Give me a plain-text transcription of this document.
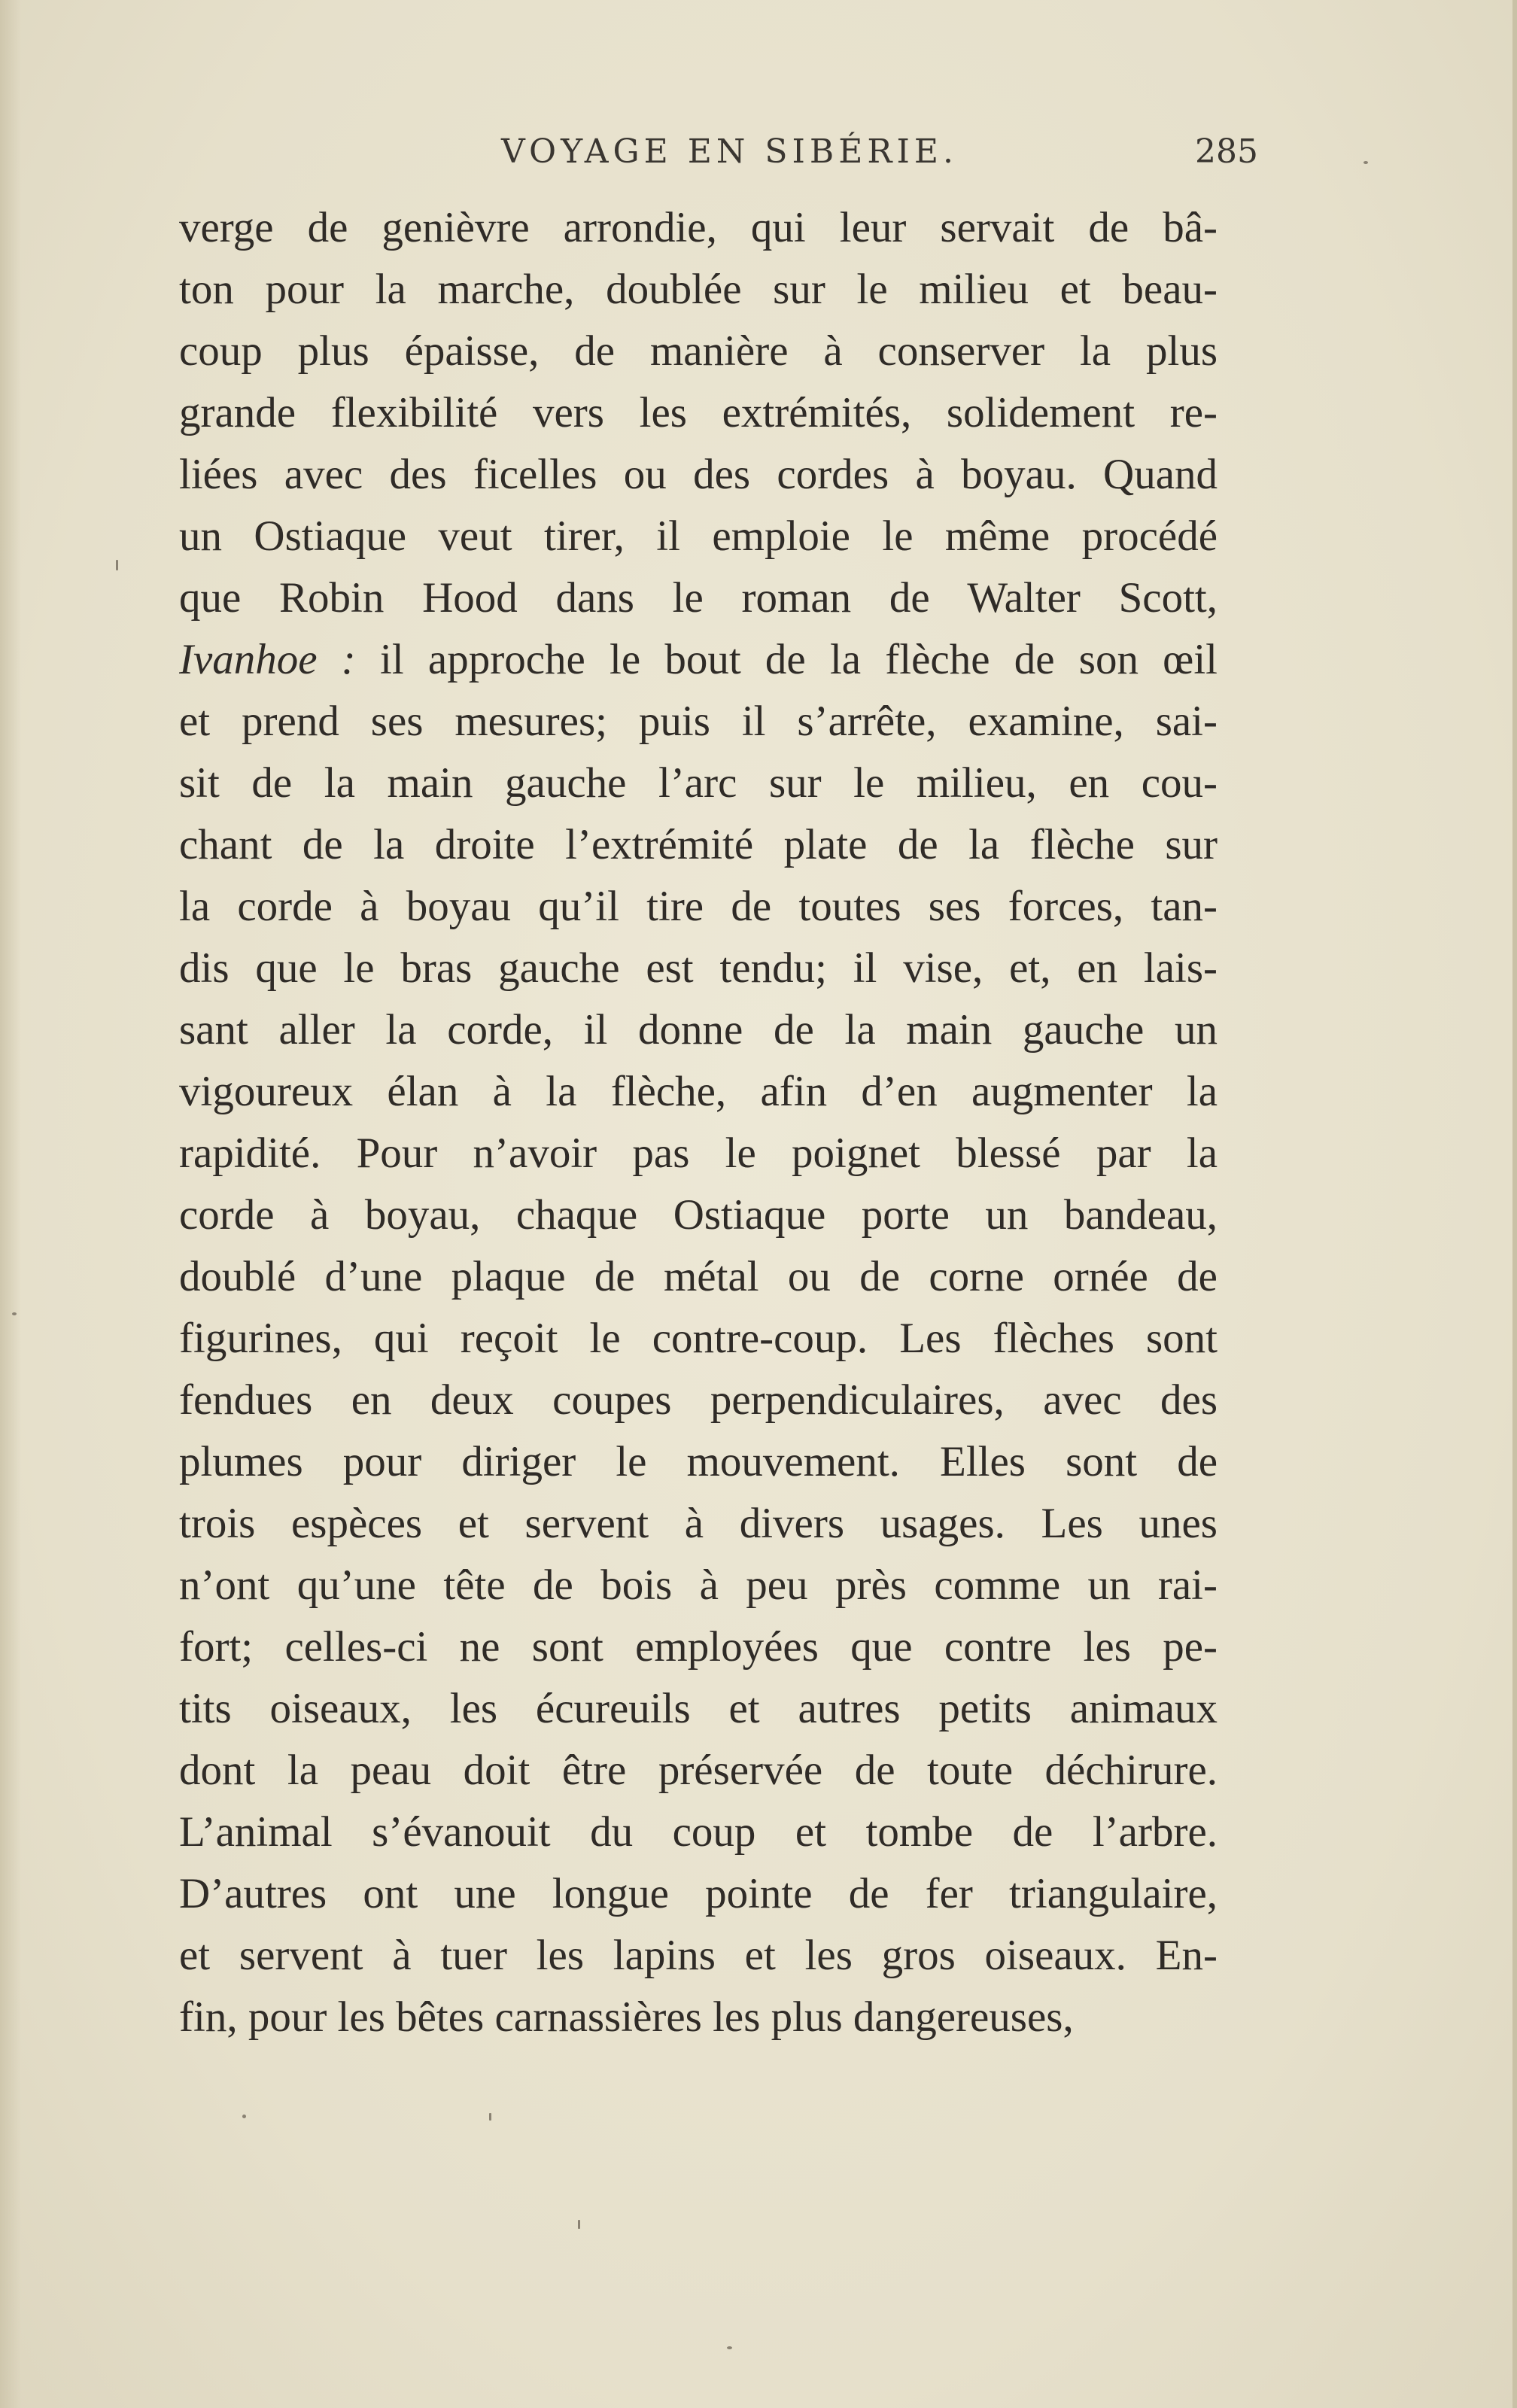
VOYAGE EN SIBÉRIE.	285
verge de genièvre arrondie, qui leur servait de bâ-
ton pour la marche, doublée sur le milieu et beau-
coup plus épaisse, de manière à conserver la plus
grande flexibilité vers les extrémités, solidement re-
liées avec des ficelles ou des cordes à boyau. Quand
un Ostiaque veut tirer, il emploie le même procédé
que Robin Hood dans le roman de Walter Scott,
Ivanhoe : il approche le bout de la flèche de son œil
et prend ses mesures; puis il s’arrête, examine, sai-
sit de la main gauche l’arc sur le milieu, en cou-
chant de la droite l’extrémité plate de la flèche sur
la corde à boyau qu’il tire de toutes ses forces, tan-
dis que le bras gauche est tendu; il vise, et, en lais-
sant aller la corde, il donne de la main gauche un
vigoureux élan à la flèche, afin d’en augmenter la
rapidité. Pour n’avoir pas le poignet blessé par la
corde à boyau, chaque Ostiaque porte un bandeau,
doublé d’une plaque de métal ou de corne ornée de
figurines, qui reçoit le contre-coup. Les flèches sont
fendues en deux coupes perpendiculaires, avec des
plumes pour diriger le mouvement. Elles sont de
trois espèces et servent à divers usages. Les unes
n’ont qu’une tête de bois à peu près comme un rai-
fort; celles-ci ne sont employées que contre les pe-
tits oiseaux, les écureuils et autres petits animaux
dont la peau doit être préservée de toute déchirure.
L’animal s’évanouit du coup et tombe de l’arbre.
D’autres ont une longue pointe de fer triangulaire,
et servent à tuer les lapins et les gros oiseaux. En-
fin, pour les bêtes carnassières les plus dangereuses,
